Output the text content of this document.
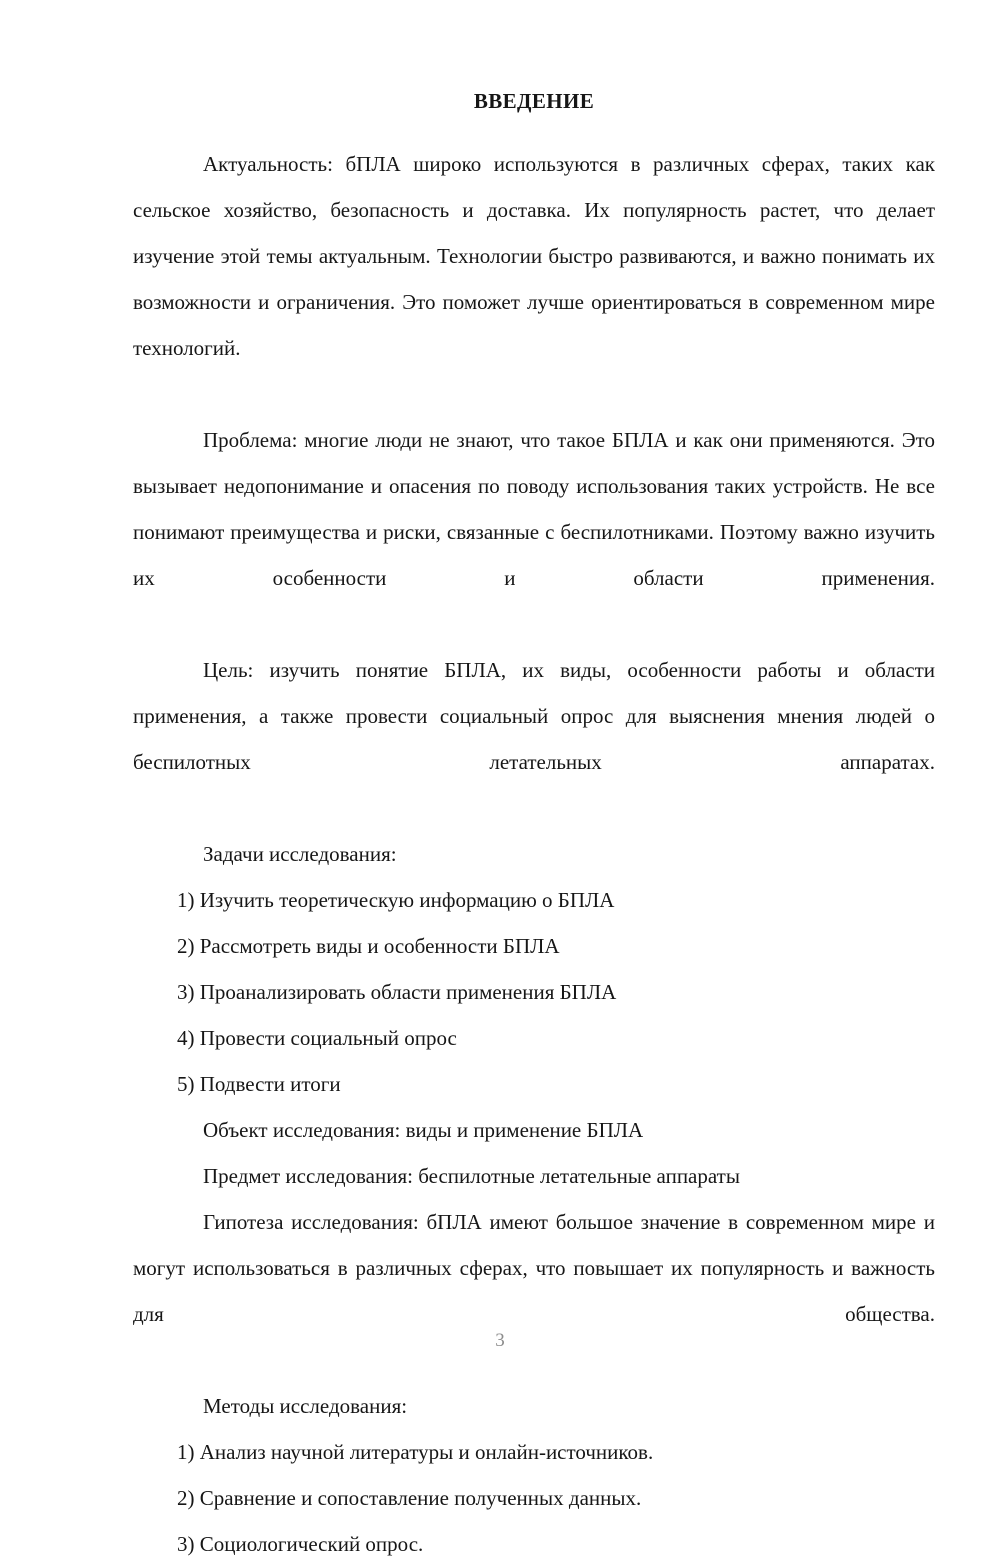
ВВЕДЕНИЕ

Актуальность: бПЛА широко используются в различных сферах, таких как сельское хозяйство, безопасность и доставка. Их популярность растет, что делает изучение этой темы актуальным. Технологии быстро развиваются, и важно понимать их возможности и ограничения. Это поможет лучше ориентироваться в современном мире технологий.

Проблема: многие люди не знают, что такое БПЛА и как они применяются. Это вызывает недопонимание и опасения по поводу использования таких устройств. Не все понимают преимущества и риски, связанные с беспилотниками. Поэтому важно изучить их особенности и области применения.

Цель: изучить понятие БПЛА, их виды, особенности работы и области применения, а также провести социальный опрос для выяснения мнения людей о беспилотных летательных аппаратах.

Задачи исследования:

1) Изучить теоретическую информацию о БПЛА
2) Рассмотреть виды и особенности БПЛА
3) Проанализировать области применения БПЛА
4) Провести социальный опрос
5) Подвести итоги

Объект исследования: виды и применение БПЛА

Предмет исследования: беспилотные летательные аппараты

Гипотеза исследования: бПЛА имеют большое значение в современном мире и могут использоваться в различных сферах, что повышает их популярность и важность для общества.

Методы исследования:

1) Анализ научной литературы и онлайн-источников.
2) Сравнение и сопоставление полученных данных.
3) Социологический опрос.
3
